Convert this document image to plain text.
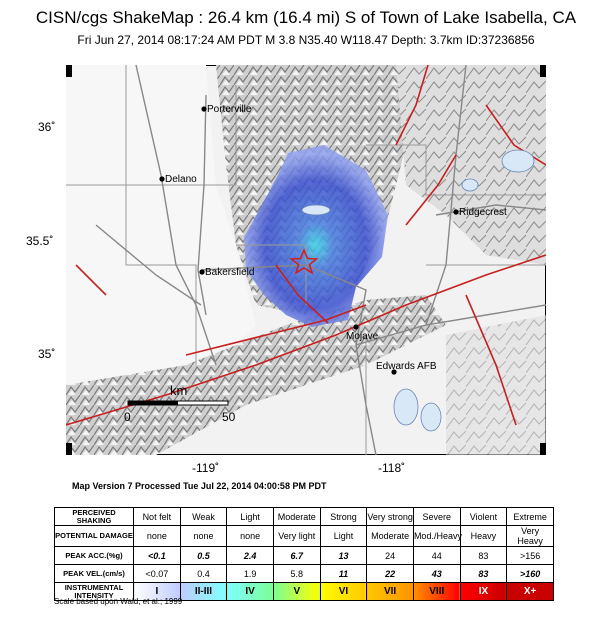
CISN/cgs ShakeMap : 26.4 km (16.4 mi) S of Town of Lake Isabella, CA
Fri Jun 27, 2014 08:17:24 AM PDT M 3.8 N35.40 W118.47 Depth: 3.7km ID:37236856
Porterville
Delano
Ridgecrest
Bakersfield
Mojave
Edwards AFB
km
0	50
36˚
35.5˚
35˚
-119˚	-118˚
Map Version 7 Processed Tue Jul 22, 2014 04:00:58 PM PDT
PERCEIVED SHAKING	Not felt	Weak	Light	Moderate	Strong	Very strong	Severe	Violent	Extreme
POTENTIAL DAMAGE	none	none	none	Very light	Light	Moderate	Mod./Heavy	Heavy	Very Heavy
PEAK ACC.(%g)	<0.1	0.5	2.4	6.7	13	24	44	83	>156
PEAK VEL.(cm/s)	<0.07	0.4	1.9	5.8	11	22	43	83	>160
INSTRUMENTAL INTENSITY	I	II-III	IV	V	VI	VII	VIII	IX	X+
Scale based upon Wald, et al.; 1999
